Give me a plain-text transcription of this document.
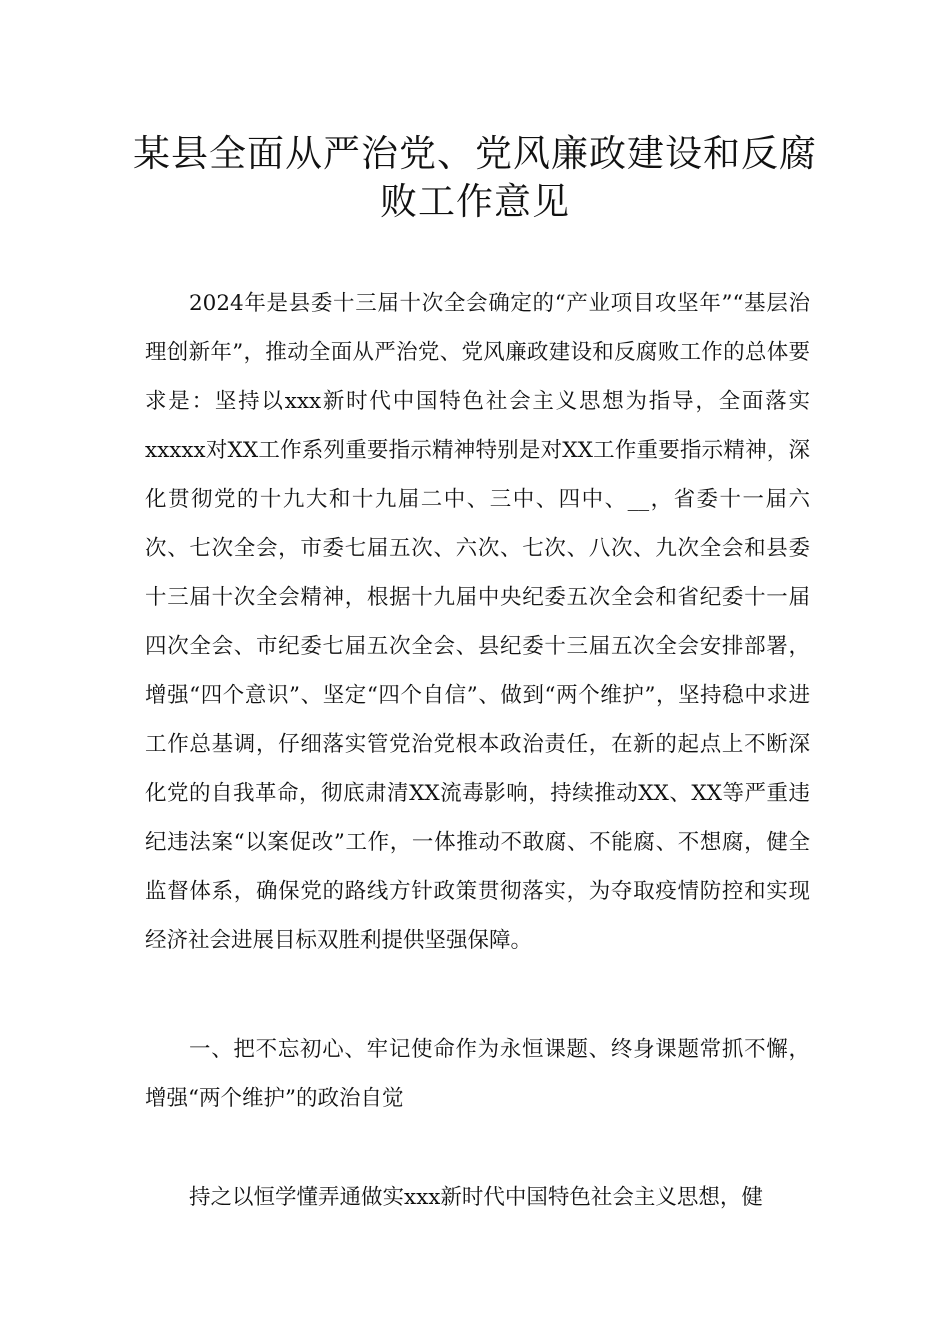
某县全面从严治党、党风廉政建设和反腐败工作意见

2024年是县委十三届十次全会确定的“产业项目攻坚年”“基层治理创新年”，推动全面从严治党、党风廉政建设和反腐败工作的总体要求是：坚持以xxx新时代中国特色社会主义思想为指导，全面落实xxxxx对XX工作系列重要指示精神特别是对XX工作重要指示精神，深化贯彻党的十九大和十九届二中、三中、四中、__，省委十一届六次、七次全会，市委七届五次、六次、七次、八次、九次全会和县委十三届十次全会精神，根据十九届中央纪委五次全会和省纪委十一届四次全会、市纪委七届五次全会、县纪委十三届五次全会安排部署，增强“四个意识”、坚定“四个自信”、做到“两个维护”，坚持稳中求进工作总基调，仔细落实管党治党根本政治责任，在新的起点上不断深化党的自我革命，彻底肃清XX流毒影响，持续推动XX、XX等严重违纪违法案“以案促改”工作，一体推动不敢腐、不能腐、不想腐，健全监督体系，确保党的路线方针政策贯彻落实，为夺取疫情防控和实现经济社会进展目标双胜利提供坚强保障。

一、把不忘初心、牢记使命作为永恒课题、终身课题常抓不懈，增强“两个维护”的政治自觉

持之以恒学懂弄通做实xxx新时代中国特色社会主义思想，健
